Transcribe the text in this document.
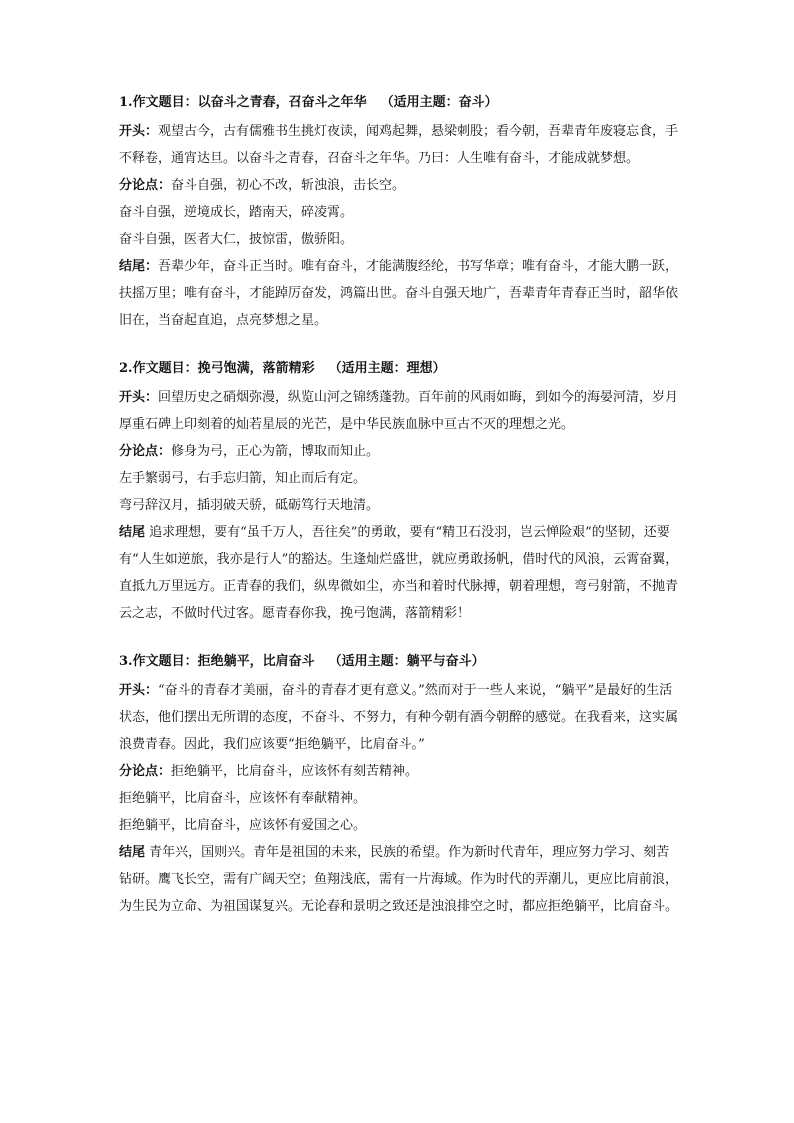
1.作文题目：以奋斗之青春，召奋斗之年华 （适用主题：奋斗）

开头：观望古今，古有儒雅书生挑灯夜读，闻鸡起舞，悬梁刺股；看今朝，吾辈青年废寝忘食，手不释卷，通宵达旦。以奋斗之青春，召奋斗之年华。乃曰：人生唯有奋斗，才能成就梦想。

分论点：奋斗自强，初心不改，斩浊浪，击长空。

奋斗自强，逆境成长，踏南天，碎凌霄。

奋斗自强，医者大仁，披惊雷，傲骄阳。

结尾：吾辈少年，奋斗正当时。唯有奋斗，才能满腹经纶，书写华章；唯有奋斗，才能大鹏一跃，扶摇万里；唯有奋斗，才能踔厉奋发，鸿篇出世。奋斗自强天地广，吾辈青年青春正当时，韶华依旧在，当奋起直追，点亮梦想之星。

2.作文题目：挽弓饱满，落箭精彩 （适用主题：理想）

开头：回望历史之硝烟弥漫，纵览山河之锦绣蓬勃。百年前的风雨如晦，到如今的海晏河清，岁月厚重石碑上印刻着的灿若星辰的光芒，是中华民族血脉中亘古不灭的理想之光。

分论点：修身为弓，正心为箭，博取而知止。

左手繁弱弓，右手忘归箭，知止而后有定。

弯弓辞汉月，插羽破天骄，砥砺笃行天地清。

结尾 追求理想，要有“虽千万人，吾往矣”的勇敢，要有“精卫石没羽，岂云惮险艰”的坚韧，还要有“人生如逆旅，我亦是行人”的豁达。生逢灿烂盛世，就应勇敢扬帆，借时代的风浪，云霄奋翼，直抵九万里远方。正青春的我们，纵卑微如尘，亦当和着时代脉搏，朝着理想，弯弓射箭，不抛青云之志，不做时代过客。愿青春你我，挽弓饱满，落箭精彩！

3.作文题目：拒绝躺平，比肩奋斗 （适用主题：躺平与奋斗）

开头：“奋斗的青春才美丽，奋斗的青春才更有意义。”然而对于一些人来说，“躺平”是最好的生活状态，他们摆出无所谓的态度，不奋斗、不努力，有种今朝有酒今朝醉的感觉。在我看来，这实属浪费青春。因此，我们应该要“拒绝躺平，比肩奋斗。”

分论点：拒绝躺平，比肩奋斗，应该怀有刻苦精神。

拒绝躺平，比肩奋斗，应该怀有奉献精神。

拒绝躺平，比肩奋斗，应该怀有爱国之心。

结尾 青年兴，国则兴。青年是祖国的未来，民族的希望。作为新时代青年，理应努力学习、刻苦钻研。鹰飞长空，需有广阔天空；鱼翔浅底，需有一片海域。作为时代的弄潮儿，更应比肩前浪，为生民为立命、为祖国谋复兴。无论春和景明之致还是浊浪排空之时，都应拒绝躺平，比肩奋斗。
